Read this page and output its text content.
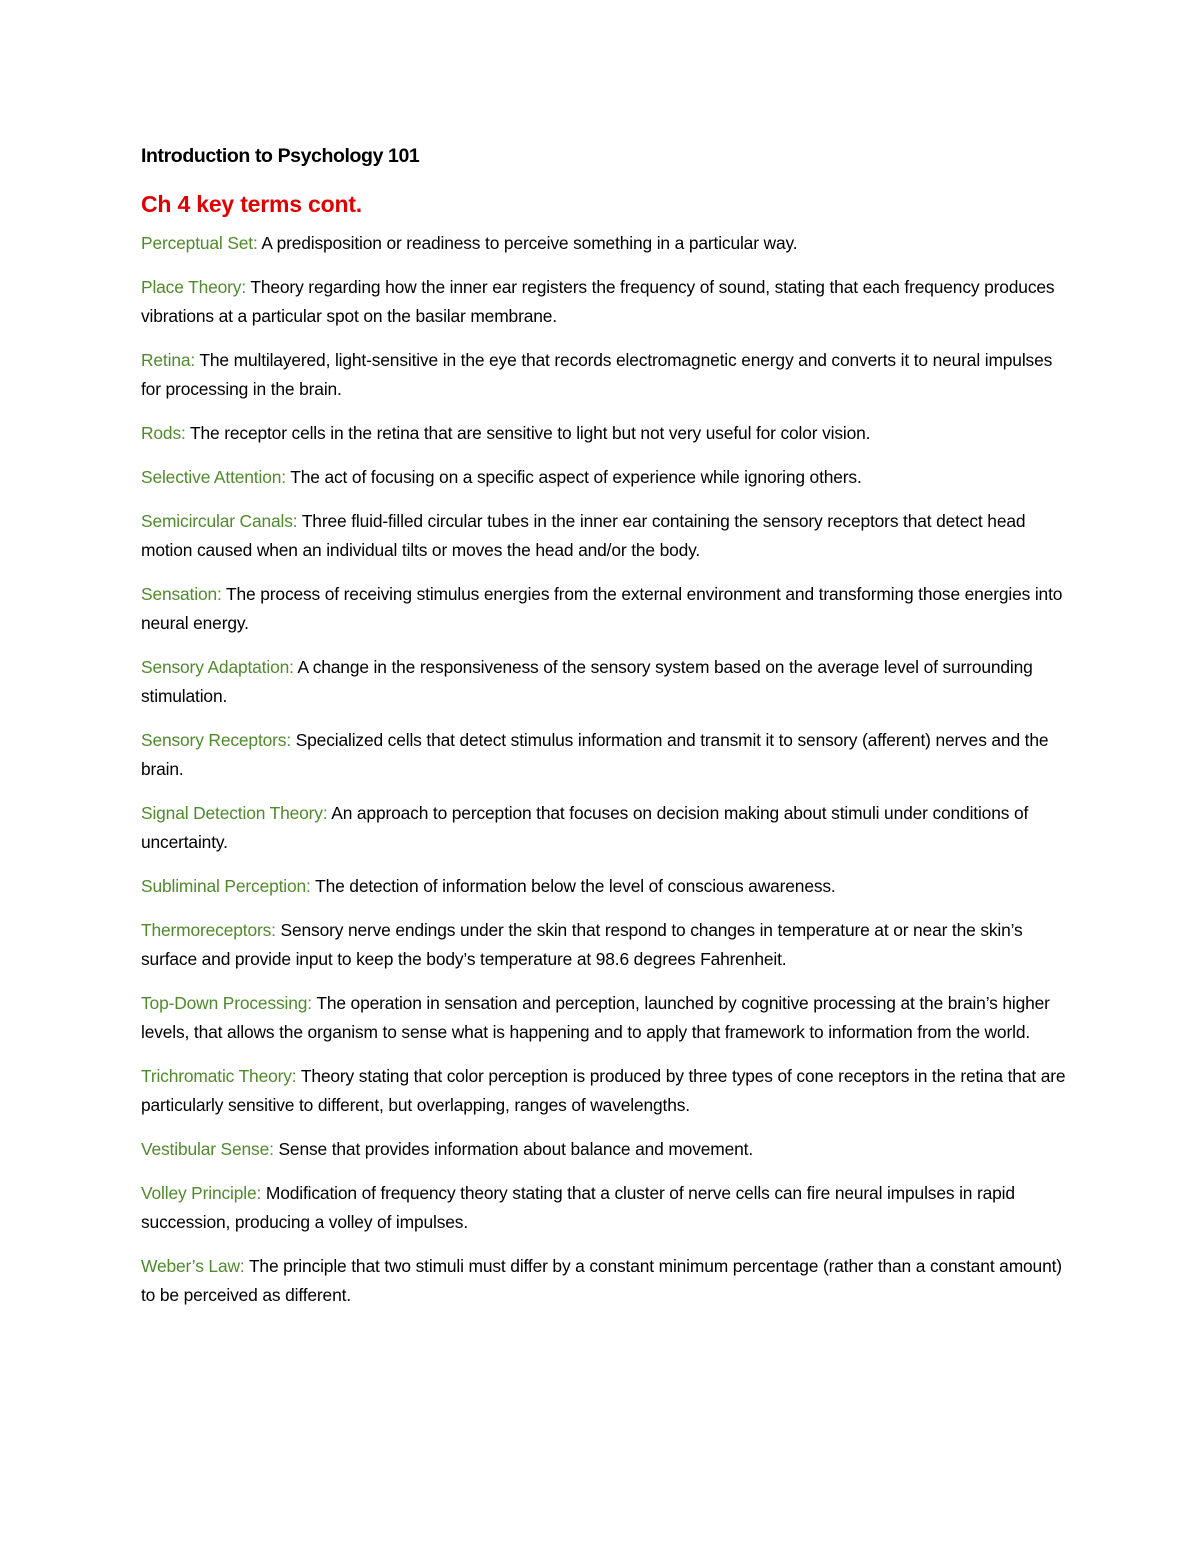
Introduction to Psychology 101

Ch 4 key terms cont.

Perceptual Set: A predisposition or readiness to perceive something in a particular way.

Place Theory: Theory regarding how the inner ear registers the frequency of sound, stating that each frequency produces vibrations at a particular spot on the basilar membrane.

Retina: The multilayered, light-sensitive in the eye that records electromagnetic energy and converts it to neural impulses for processing in the brain.

Rods: The receptor cells in the retina that are sensitive to light but not very useful for color vision.

Selective Attention: The act of focusing on a specific aspect of experience while ignoring others.

Semicircular Canals: Three fluid-filled circular tubes in the inner ear containing the sensory receptors that detect head motion caused when an individual tilts or moves the head and/or the body.

Sensation: The process of receiving stimulus energies from the external environment and transforming those energies into neural energy.

Sensory Adaptation: A change in the responsiveness of the sensory system based on the average level of surrounding stimulation.

Sensory Receptors: Specialized cells that detect stimulus information and transmit it to sensory (afferent) nerves and the brain.

Signal Detection Theory: An approach to perception that focuses on decision making about stimuli under conditions of uncertainty.

Subliminal Perception: The detection of information below the level of conscious awareness.

Thermoreceptors: Sensory nerve endings under the skin that respond to changes in temperature at or near the skin’s surface and provide input to keep the body’s temperature at 98.6 degrees Fahrenheit.

Top-Down Processing: The operation in sensation and perception, launched by cognitive processing at the brain’s higher levels, that allows the organism to sense what is happening and to apply that framework to information from the world.

Trichromatic Theory: Theory stating that color perception is produced by three types of cone receptors in the retina that are particularly sensitive to different, but overlapping, ranges of wavelengths.

Vestibular Sense: Sense that provides information about balance and movement.

Volley Principle: Modification of frequency theory stating that a cluster of nerve cells can fire neural impulses in rapid succession, producing a volley of impulses.

Weber’s Law: The principle that two stimuli must differ by a constant minimum percentage (rather than a constant amount) to be perceived as different.
